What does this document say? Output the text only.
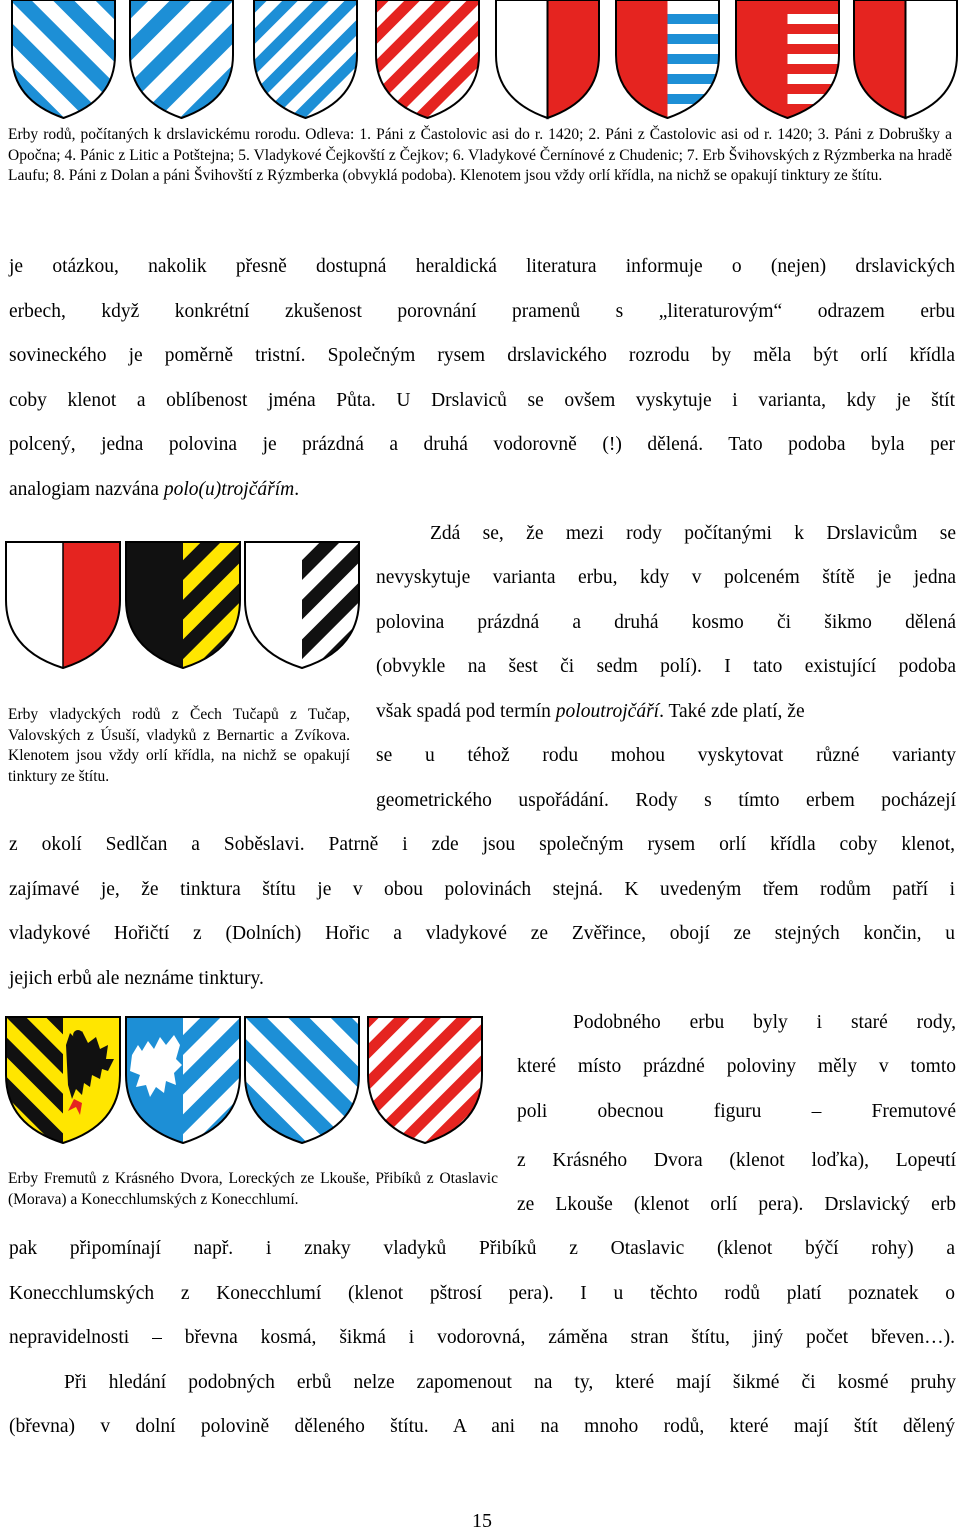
Erby rodů, počítaných k drslavickému rorodu. Odleva: 1. Páni z Častolovic asi do r. 1420; 2. Páni z Častolovic asi od r. 1420; 3. Páni z Dobrušky a Opočna; 4. Pánic z Litic a Potštejna; 5. Vladykové Čejkovští z Čejkov; 6. Vladykové Černínové z Chudenic; 7. Erb Švihovských z Rýzmberka na hradě Laufu; 8. Páni z Dolan a páni Švihovští z Rýzmberka (obvyklá podoba). Klenotem jsou vždy orlí křídla, na nichž se opakují tinktury ze štítu.
je otázkou, nakolik přesně dostupná heraldická literatura informuje o (nejen) drslavických
erbech, když konkrétní zkušenost porovnání pramenů s „literaturovým“ odrazem erbu
sovineckého je poměrně tristní. Společným rysem drslavického rozrodu by měla být orlí křídla
coby klenot a oblíbenost jména Půta. U Drslaviců se ovšem vyskytuje i varianta, kdy je štít
polcený, jedna polovina je prázdná a druhá vodorovně (!) dělená. Tato podoba byla per
analogiam nazvána polo(u)trojčářím.
Erby vladyckých rodů z Čech Tučapů z Tučap, Valovských z Úsuší, vladyků z Bernartic a Zvíkova. Klenotem jsou vždy orlí křídla, na nichž se opakují tinktury ze štítu.
Zdá se, že mezi rody počítanými k Drslavicům se
nevyskytuje varianta erbu, kdy v polceném štítě je jedna
polovina prázdná a druhá kosmo či šikmo dělená
(obvykle na šest či sedm polí). I tato existující podoba
však spadá pod termín poloutrojčáří. Také zde platí, že
se u téhož rodu mohou vyskytovat různé varianty
geometrického uspořádání. Rody s tímto erbem pocházejí
z okolí Sedlčan a Soběslavi. Patrně i zde jsou společným rysem orlí křídla coby klenot,
zajímavé je, že tinktura štítu je v obou polovinách stejná. K uvedeným třem rodům patří i
vladykové Hořičtí z (Dolních) Hořic a vladykové ze Zvěřince, obojí ze stejných končin, u
jejich erbů ale neznáme tinktury.
Erby Fremutů z Krásného Dvora, Loreckých ze Lkouše, Přibíků z Otaslavic (Morava) a Konecchlumských z Konecchlumí.
Podobného erbu byly i staré rody,
které místo prázdné poloviny měly v tomto
poli obecnou figuru – Fremutové
z Krásného Dvora (klenot loďka), Loречtí
ze Lkouše (klenot orlí pera). Drslavický erb
pak připomínají např. i znaky vladyků Přibíků z Otaslavic (klenot býčí rohy) a
Konecchlumských z Konecchlumí (klenot pštrosí pera). I u těchto rodů platí poznatek o
nepravidelnosti – břevna kosmá, šikmá i vodorovná, záměna stran štítu, jiný počet břeven…).
Při hledání podobných erbů nelze zapomenout na ty, které mají šikmé či kosmé pruhy
(břevna) v dolní polovině děleného štítu. A ani na mnoho rodů, které mají štít dělený
15
